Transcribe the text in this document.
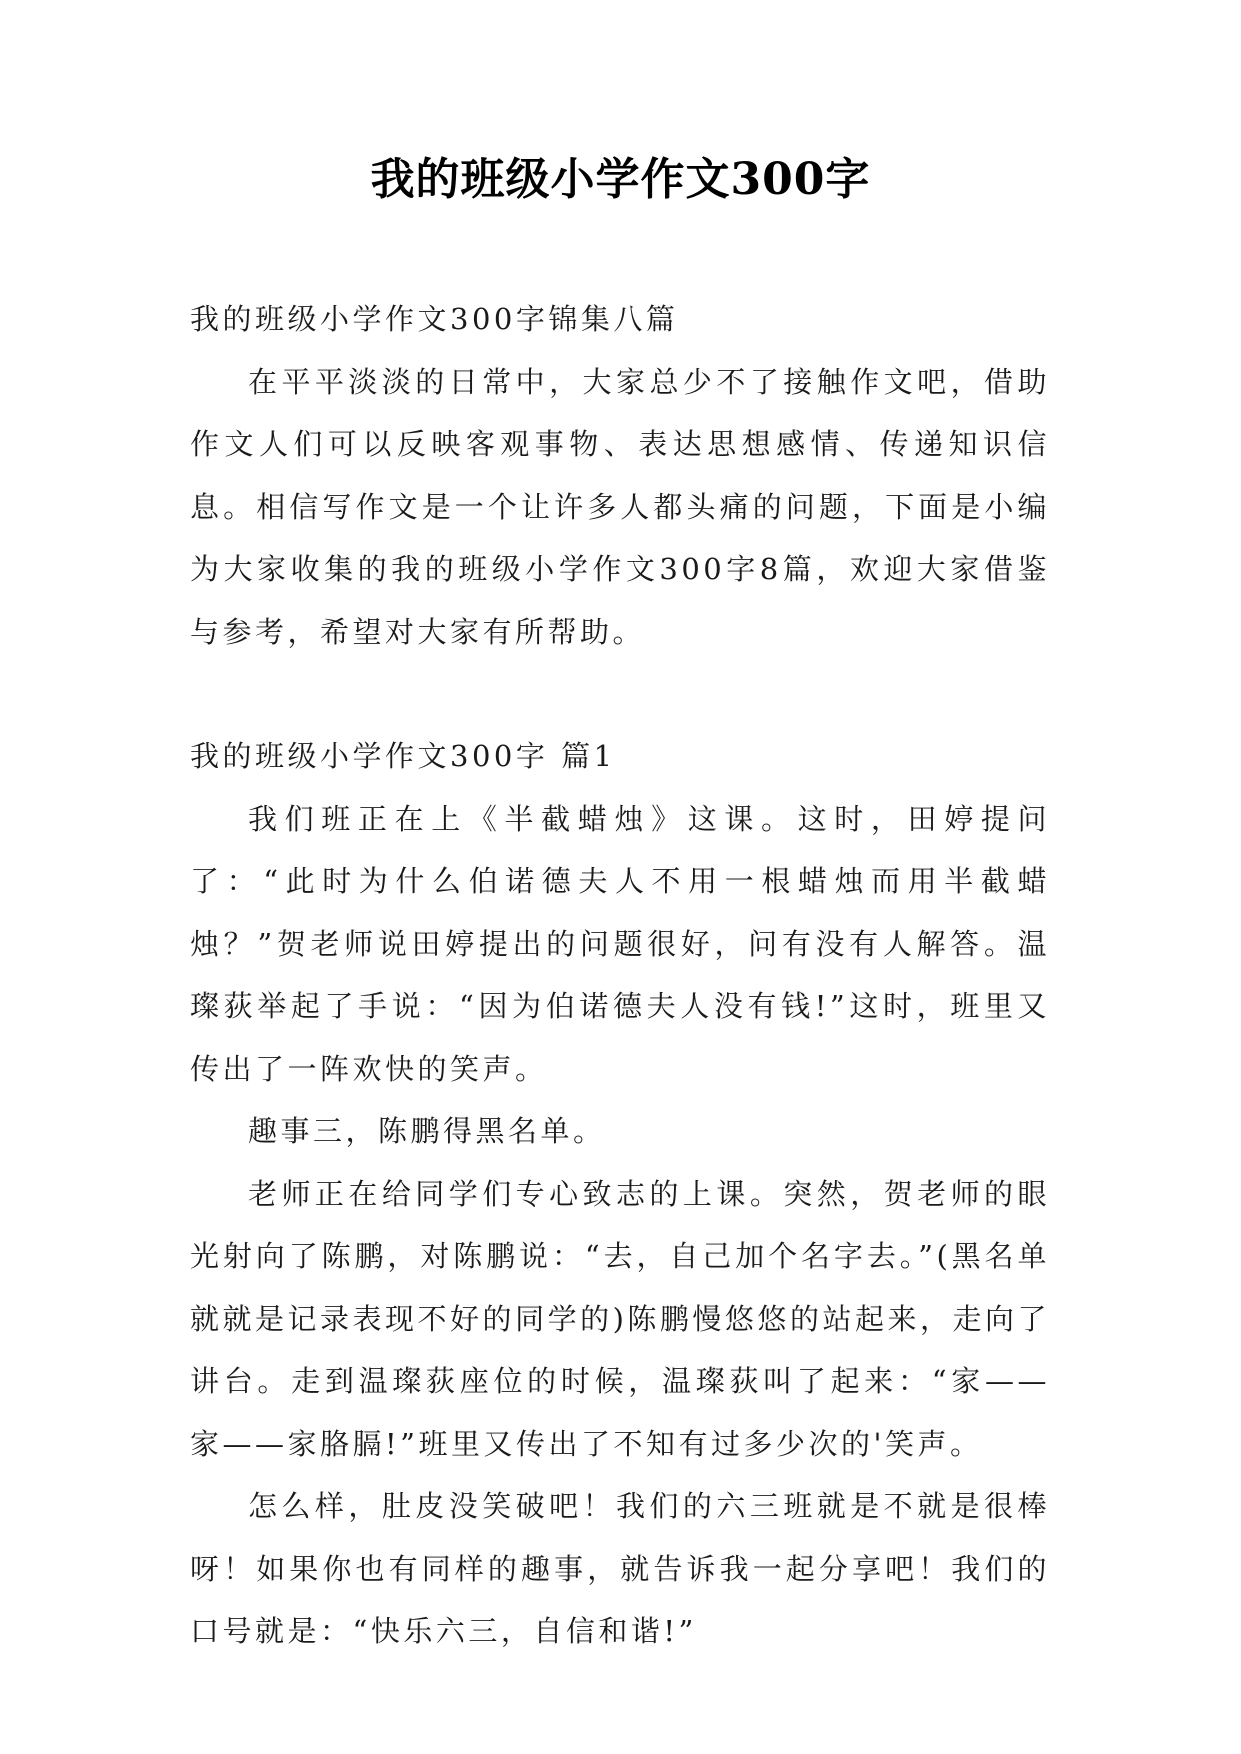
我的班级小学作文300字

我的班级小学作文300字锦集八篇

在平平淡淡的日常中，大家总少不了接触作文吧，借助作文人们可以反映客观事物、表达思想感情、传递知识信息。相信写作文是一个让许多人都头痛的问题，下面是小编为大家收集的我的班级小学作文300字8篇，欢迎大家借鉴与参考，希望对大家有所帮助。

我的班级小学作文300字 篇1

我们班正在上《半截蜡烛》这课。这时，田婷提问了：“此时为什么伯诺德夫人不用一根蜡烛而用半截蜡烛？”贺老师说田婷提出的问题很好，问有没有人解答。温璨荻举起了手说：“因为伯诺德夫人没有钱!”这时，班里又传出了一阵欢快的笑声。

趣事三，陈鹏得黑名单。

老师正在给同学们专心致志的上课。突然，贺老师的眼光射向了陈鹏，对陈鹏说：“去，自己加个名字去。”(黑名单就就是记录表现不好的同学的)陈鹏慢悠悠的站起来，走向了讲台。走到温璨荻座位的时候，温璨荻叫了起来：“家——家——家胳膈!”班里又传出了不知有过多少次的'笑声。

怎么样，肚皮没笑破吧！我们的六三班就是不就是很棒呀！如果你也有同样的趣事，就告诉我一起分享吧！我们的口号就是：“快乐六三，自信和谐!”
